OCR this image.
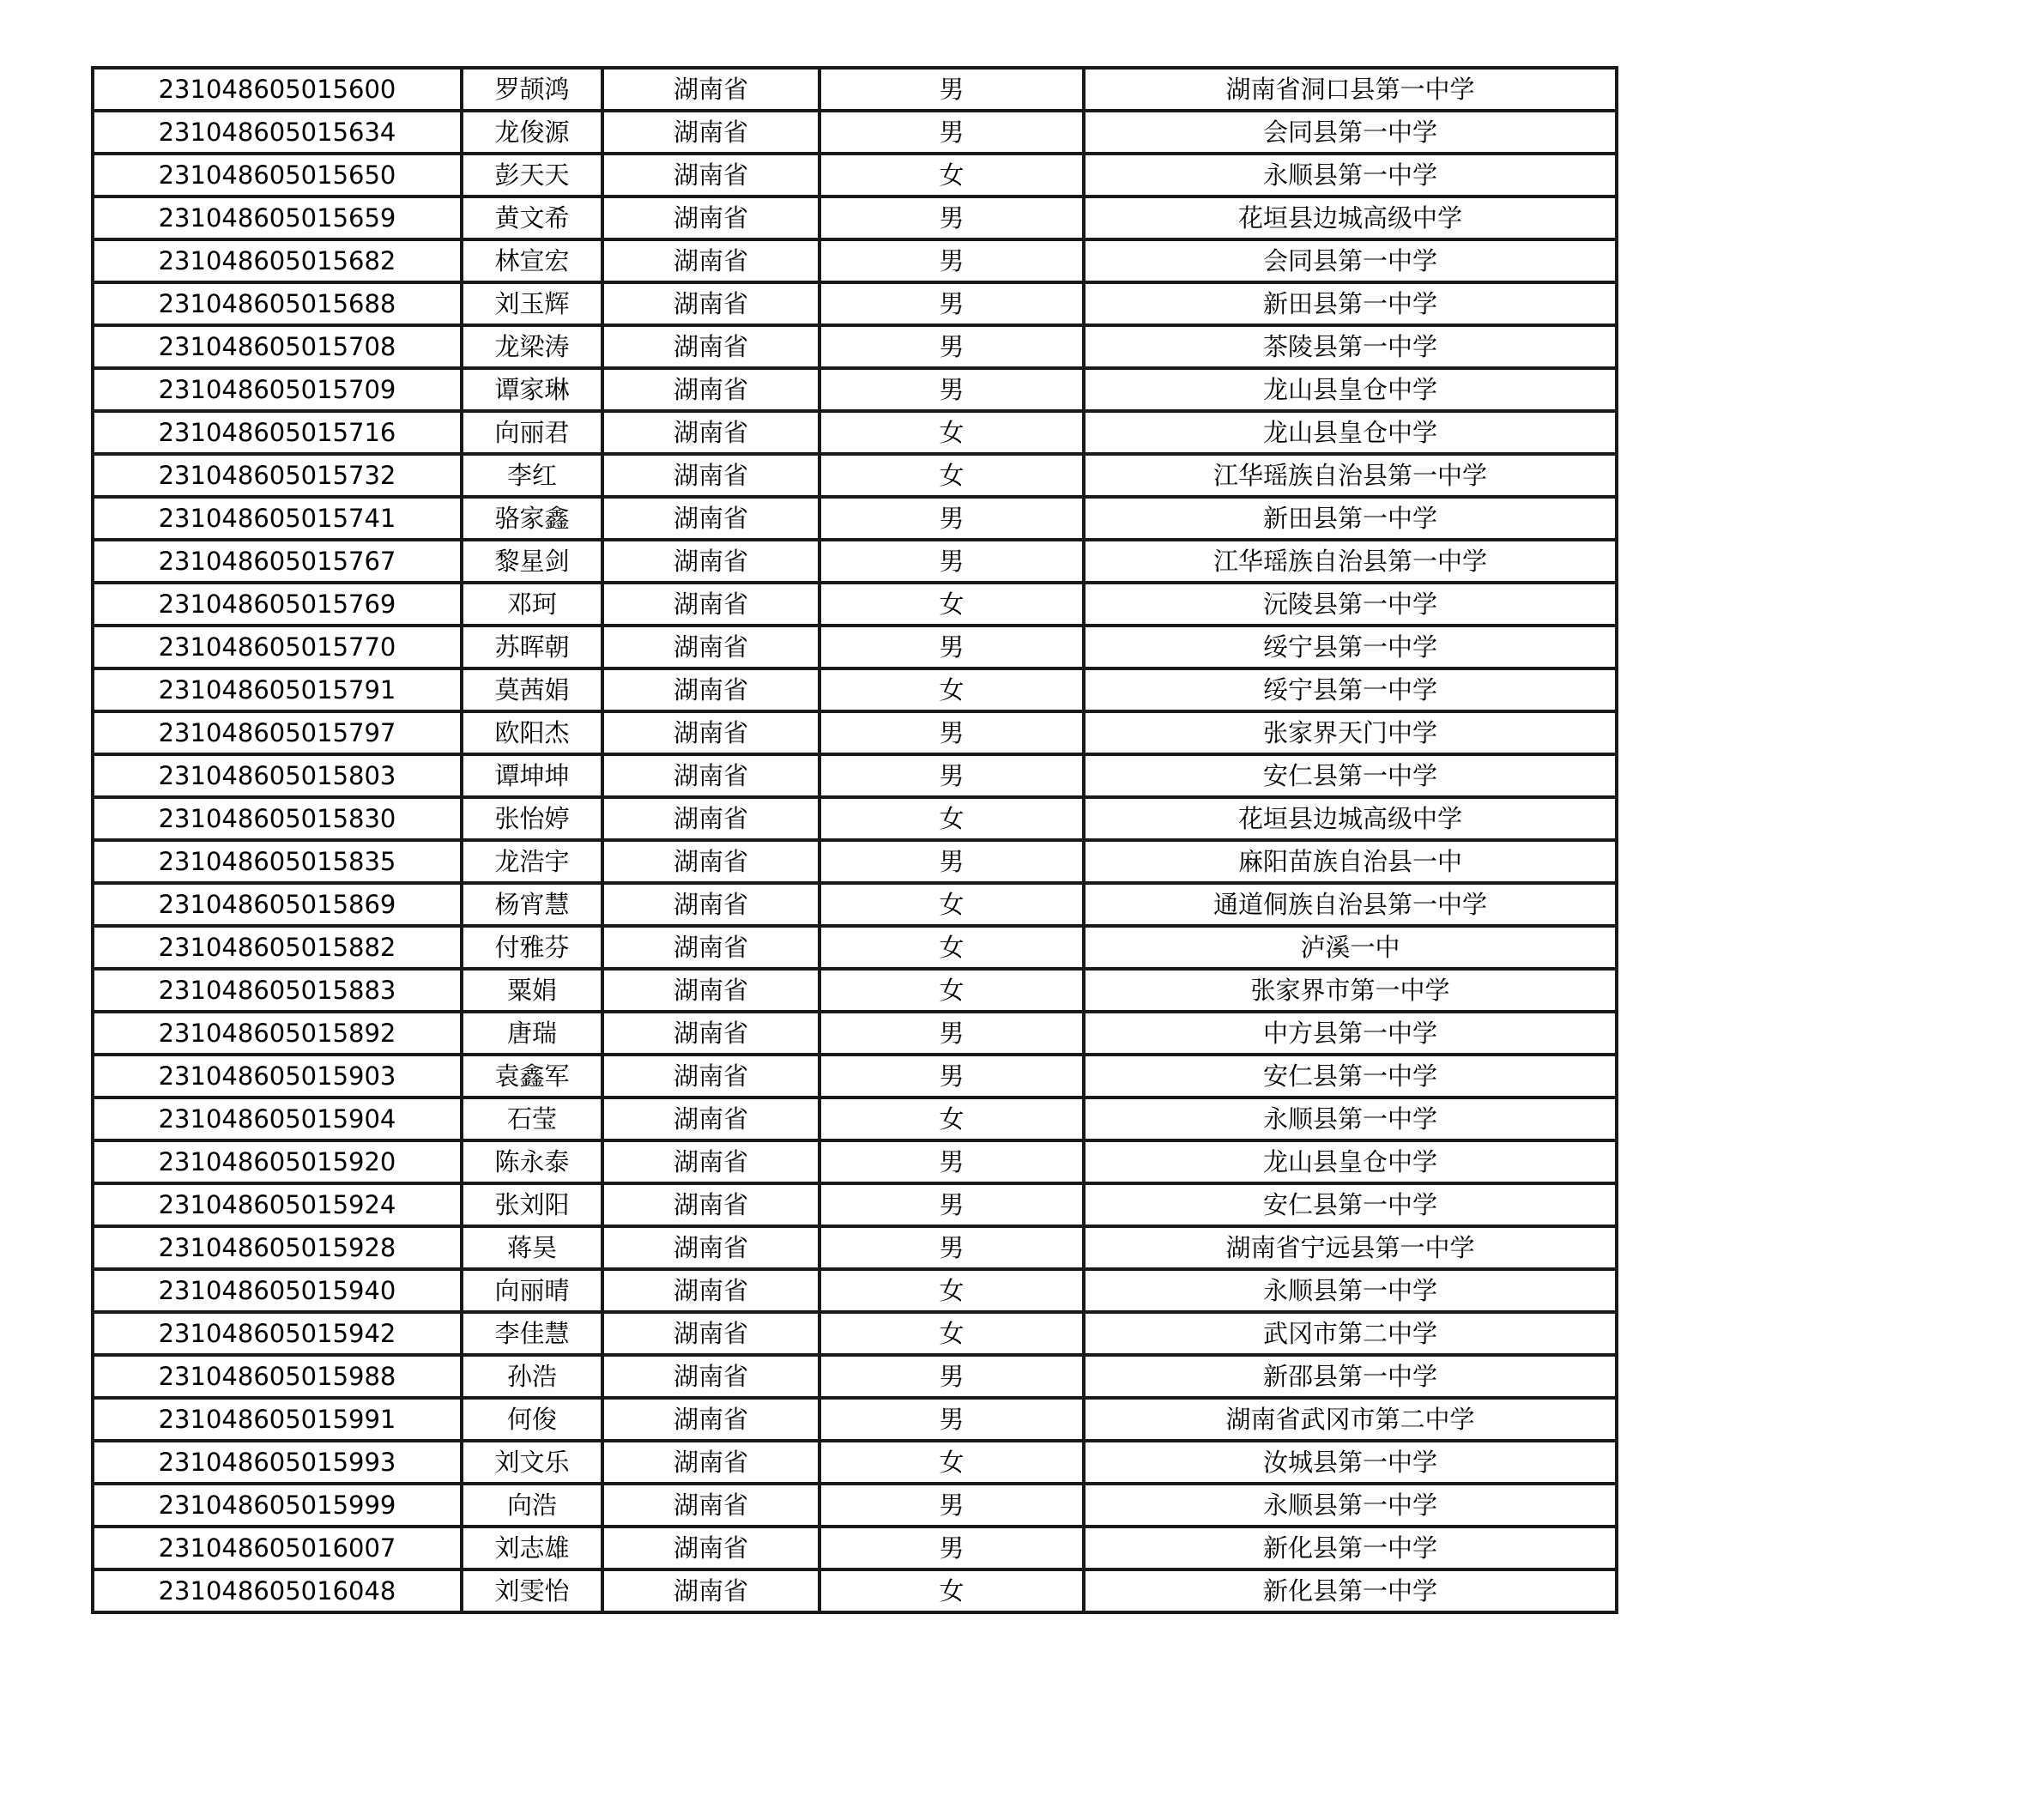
231048605015600	罗颉鸿	湖南省	男	湖南省洞口县第一中学
231048605015634	龙俊源	湖南省	男	会同县第一中学
231048605015650	彭天天	湖南省	女	永顺县第一中学
231048605015659	黄文希	湖南省	男	花垣县边城高级中学
231048605015682	林宣宏	湖南省	男	会同县第一中学
231048605015688	刘玉辉	湖南省	男	新田县第一中学
231048605015708	龙梁涛	湖南省	男	茶陵县第一中学
231048605015709	谭家琳	湖南省	男	龙山县皇仓中学
231048605015716	向丽君	湖南省	女	龙山县皇仓中学
231048605015732	李红	湖南省	女	江华瑶族自治县第一中学
231048605015741	骆家鑫	湖南省	男	新田县第一中学
231048605015767	黎星剑	湖南省	男	江华瑶族自治县第一中学
231048605015769	邓珂	湖南省	女	沅陵县第一中学
231048605015770	苏晖朝	湖南省	男	绥宁县第一中学
231048605015791	莫茜娟	湖南省	女	绥宁县第一中学
231048605015797	欧阳杰	湖南省	男	张家界天门中学
231048605015803	谭坤坤	湖南省	男	安仁县第一中学
231048605015830	张怡婷	湖南省	女	花垣县边城高级中学
231048605015835	龙浩宇	湖南省	男	麻阳苗族自治县一中
231048605015869	杨宵慧	湖南省	女	通道侗族自治县第一中学
231048605015882	付雅芬	湖南省	女	泸溪一中
231048605015883	粟娟	湖南省	女	张家界市第一中学
231048605015892	唐瑞	湖南省	男	中方县第一中学
231048605015903	袁鑫军	湖南省	男	安仁县第一中学
231048605015904	石莹	湖南省	女	永顺县第一中学
231048605015920	陈永泰	湖南省	男	龙山县皇仓中学
231048605015924	张刘阳	湖南省	男	安仁县第一中学
231048605015928	蒋昊	湖南省	男	湖南省宁远县第一中学
231048605015940	向丽晴	湖南省	女	永顺县第一中学
231048605015942	李佳慧	湖南省	女	武冈市第二中学
231048605015988	孙浩	湖南省	男	新邵县第一中学
231048605015991	何俊	湖南省	男	湖南省武冈市第二中学
231048605015993	刘文乐	湖南省	女	汝城县第一中学
231048605015999	向浩	湖南省	男	永顺县第一中学
231048605016007	刘志雄	湖南省	男	新化县第一中学
231048605016048	刘雯怡	湖南省	女	新化县第一中学
